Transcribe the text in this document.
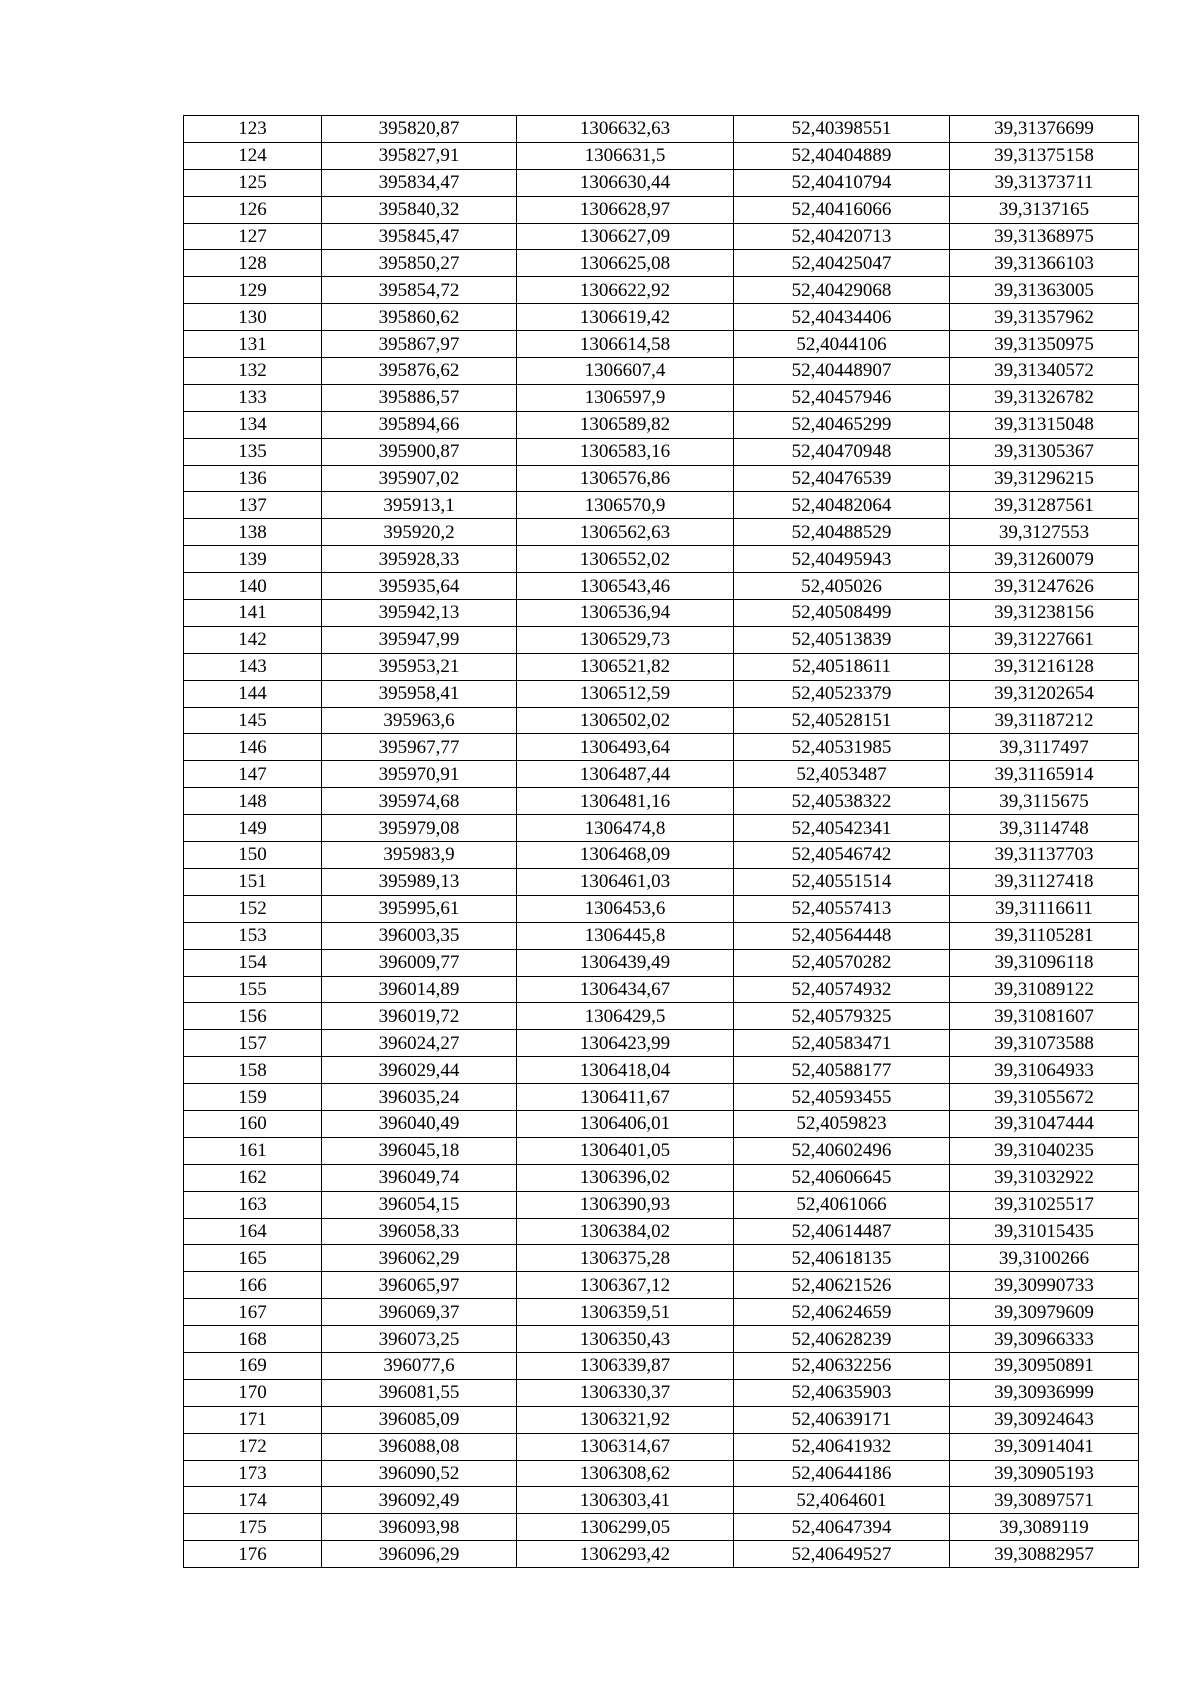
123	395820,87	1306632,63	52,40398551	39,31376699
124	395827,91	1306631,5	52,40404889	39,31375158
125	395834,47	1306630,44	52,40410794	39,31373711
126	395840,32	1306628,97	52,40416066	39,3137165
127	395845,47	1306627,09	52,40420713	39,31368975
128	395850,27	1306625,08	52,40425047	39,31366103
129	395854,72	1306622,92	52,40429068	39,31363005
130	395860,62	1306619,42	52,40434406	39,31357962
131	395867,97	1306614,58	52,4044106	39,31350975
132	395876,62	1306607,4	52,40448907	39,31340572
133	395886,57	1306597,9	52,40457946	39,31326782
134	395894,66	1306589,82	52,40465299	39,31315048
135	395900,87	1306583,16	52,40470948	39,31305367
136	395907,02	1306576,86	52,40476539	39,31296215
137	395913,1	1306570,9	52,40482064	39,31287561
138	395920,2	1306562,63	52,40488529	39,3127553
139	395928,33	1306552,02	52,40495943	39,31260079
140	395935,64	1306543,46	52,405026	39,31247626
141	395942,13	1306536,94	52,40508499	39,31238156
142	395947,99	1306529,73	52,40513839	39,31227661
143	395953,21	1306521,82	52,40518611	39,31216128
144	395958,41	1306512,59	52,40523379	39,31202654
145	395963,6	1306502,02	52,40528151	39,31187212
146	395967,77	1306493,64	52,40531985	39,3117497
147	395970,91	1306487,44	52,4053487	39,31165914
148	395974,68	1306481,16	52,40538322	39,3115675
149	395979,08	1306474,8	52,40542341	39,3114748
150	395983,9	1306468,09	52,40546742	39,31137703
151	395989,13	1306461,03	52,40551514	39,31127418
152	395995,61	1306453,6	52,40557413	39,31116611
153	396003,35	1306445,8	52,40564448	39,31105281
154	396009,77	1306439,49	52,40570282	39,31096118
155	396014,89	1306434,67	52,40574932	39,31089122
156	396019,72	1306429,5	52,40579325	39,31081607
157	396024,27	1306423,99	52,40583471	39,31073588
158	396029,44	1306418,04	52,40588177	39,31064933
159	396035,24	1306411,67	52,40593455	39,31055672
160	396040,49	1306406,01	52,4059823	39,31047444
161	396045,18	1306401,05	52,40602496	39,31040235
162	396049,74	1306396,02	52,40606645	39,31032922
163	396054,15	1306390,93	52,4061066	39,31025517
164	396058,33	1306384,02	52,40614487	39,31015435
165	396062,29	1306375,28	52,40618135	39,3100266
166	396065,97	1306367,12	52,40621526	39,30990733
167	396069,37	1306359,51	52,40624659	39,30979609
168	396073,25	1306350,43	52,40628239	39,30966333
169	396077,6	1306339,87	52,40632256	39,30950891
170	396081,55	1306330,37	52,40635903	39,30936999
171	396085,09	1306321,92	52,40639171	39,30924643
172	396088,08	1306314,67	52,40641932	39,30914041
173	396090,52	1306308,62	52,40644186	39,30905193
174	396092,49	1306303,41	52,4064601	39,30897571
175	396093,98	1306299,05	52,40647394	39,3089119
176	396096,29	1306293,42	52,40649527	39,30882957
